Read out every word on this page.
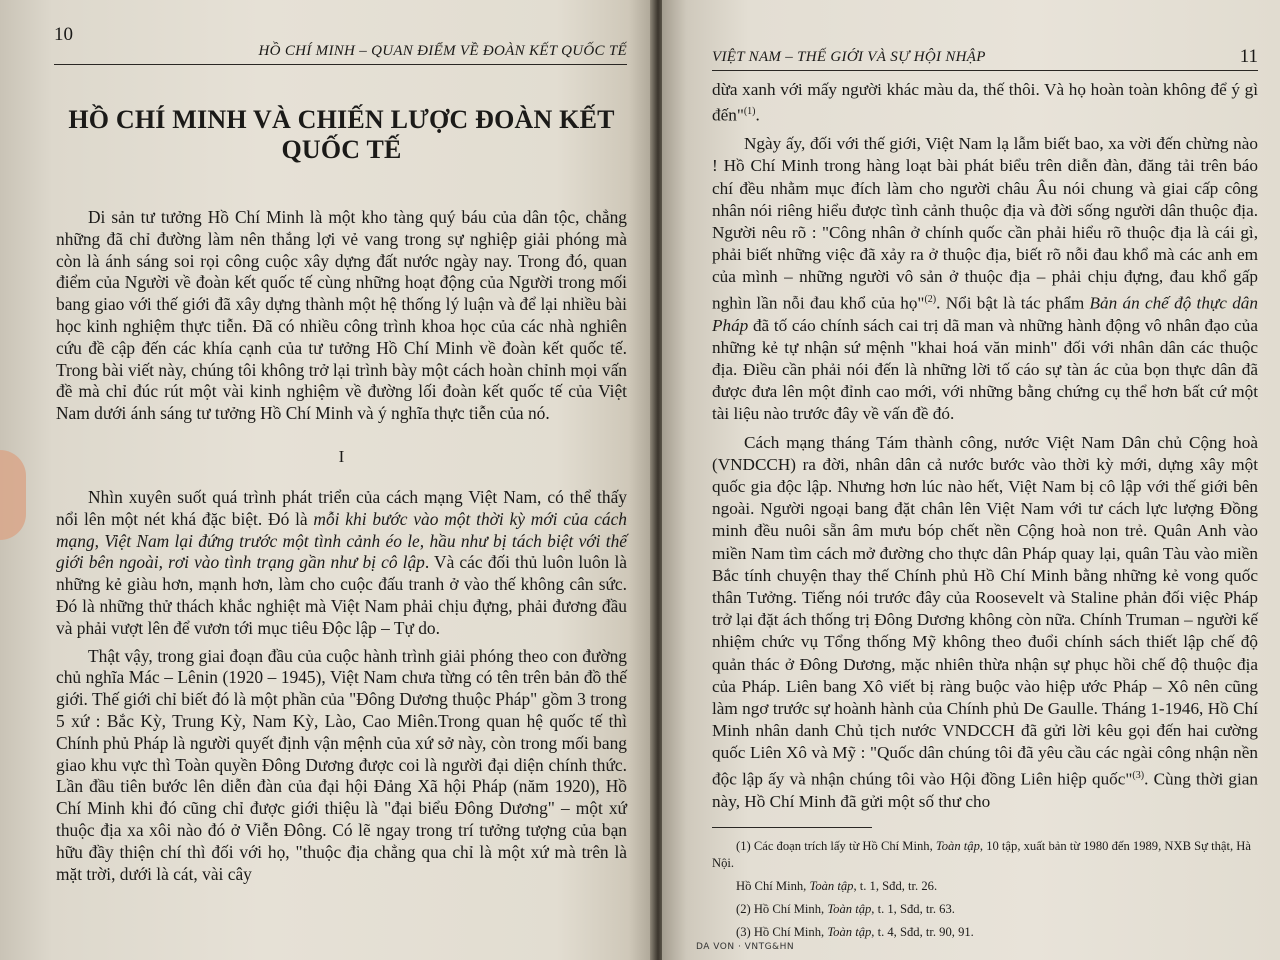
10
HỒ CHÍ MINH – QUAN ĐIỂM VỀ ĐOÀN KẾT QUỐC TẾ
HỒ CHÍ MINH VÀ CHIẾN LƯỢC ĐOÀN KẾT QUỐC TẾ

Di sản tư tưởng Hồ Chí Minh là một kho tàng quý báu của dân tộc, chẳng những đã chỉ đường làm nên thắng lợi vẻ vang trong sự nghiệp giải phóng mà còn là ánh sáng soi rọi công cuộc xây dựng đất nước ngày nay. Trong đó, quan điểm của Người về đoàn kết quốc tế cùng những hoạt động của Người trong mối bang giao với thế giới đã xây dựng thành một hệ thống lý luận và để lại nhiều bài học kinh nghiệm thực tiễn. Đã có nhiều công trình khoa học của các nhà nghiên cứu đề cập đến các khía cạnh của tư tưởng Hồ Chí Minh về đoàn kết quốc tế. Trong bài viết này, chúng tôi không trở lại trình bày một cách hoàn chỉnh mọi vấn đề mà chỉ đúc rút một vài kinh nghiệm về đường lối đoàn kết quốc tế của Việt Nam dưới ánh sáng tư tưởng Hồ Chí Minh và ý nghĩa thực tiễn của nó.

I

Nhìn xuyên suốt quá trình phát triển của cách mạng Việt Nam, có thể thấy nổi lên một nét khá đặc biệt. Đó là mỗi khi bước vào một thời kỳ mới của cách mạng, Việt Nam lại đứng trước một tình cảnh éo le, hầu như bị tách biệt với thế giới bên ngoài, rơi vào tình trạng gần như bị cô lập. Và các đối thủ luôn luôn là những kẻ giàu hơn, mạnh hơn, làm cho cuộc đấu tranh ở vào thế không cân sức. Đó là những thử thách khắc nghiệt mà Việt Nam phải chịu đựng, phải đương đầu và phải vượt lên để vươn tới mục tiêu Độc lập – Tự do.

Thật vậy, trong giai đoạn đầu của cuộc hành trình giải phóng theo con đường chủ nghĩa Mác – Lênin (1920 – 1945), Việt Nam chưa từng có tên trên bản đồ thế giới. Thế giới chỉ biết đó là một phần của "Đông Dương thuộc Pháp" gồm 3 trong 5 xứ : Bắc Kỳ, Trung Kỳ, Nam Kỳ, Lào, Cao Miên.Trong quan hệ quốc tế thì Chính phủ Pháp là người quyết định vận mệnh của xứ sở này, còn trong mối bang giao khu vực thì Toàn quyền Đông Dương được coi là người đại diện chính thức. Lần đầu tiên bước lên diễn đàn của đại hội Đảng Xã hội Pháp (năm 1920), Hồ Chí Minh khi đó cũng chỉ được giới thiệu là "đại biểu Đông Dương" – một xứ thuộc địa xa xôi nào đó ở Viễn Đông. Có lẽ ngay trong trí tưởng tượng của bạn hữu đầy thiện chí thì đối với họ, "thuộc địa chẳng qua chỉ là một xứ mà trên là mặt trời, dưới là cát, vài cây

VIỆT NAM – THẾ GIỚI VÀ SỰ HỘI NHẬP	11

dừa xanh với mấy người khác màu da, thế thôi. Và họ hoàn toàn không để ý gì đến"$^{(1)}$.

Ngày ấy, đối với thế giới, Việt Nam lạ lẫm biết bao, xa vời đến chừng nào ! Hồ Chí Minh trong hàng loạt bài phát biểu trên diễn đàn, đăng tải trên báo chí đều nhằm mục đích làm cho người châu Âu nói chung và giai cấp công nhân nói riêng hiểu được tình cảnh thuộc địa và đời sống người dân thuộc địa. Người nêu rõ : "Công nhân ở chính quốc cần phải hiểu rõ thuộc địa là cái gì, phải biết những việc đã xảy ra ở thuộc địa, biết rõ nỗi đau khổ mà các anh em của mình – những người vô sản ở thuộc địa – phải chịu đựng, đau khổ gấp nghìn lần nỗi đau khổ của họ"$^{(2)}$. Nổi bật là tác phẩm Bản án chế độ thực dân Pháp đã tố cáo chính sách cai trị dã man và những hành động vô nhân đạo của những kẻ tự nhận sứ mệnh "khai hoá văn minh" đối với nhân dân các thuộc địa. Điều cần phải nói đến là những lời tố cáo sự tàn ác của bọn thực dân đã được đưa lên một đỉnh cao mới, với những bằng chứng cụ thể hơn bất cứ một tài liệu nào trước đây về vấn đề đó.

Cách mạng tháng Tám thành công, nước Việt Nam Dân chủ Cộng hoà (VNDCCH) ra đời, nhân dân cả nước bước vào thời kỳ mới, dựng xây một quốc gia độc lập. Nhưng hơn lúc nào hết, Việt Nam bị cô lập với thế giới bên ngoài. Người ngoại bang đặt chân lên Việt Nam với tư cách lực lượng Đồng minh đều nuôi sẵn âm mưu bóp chết nền Cộng hoà non trẻ. Quân Anh vào miền Nam tìm cách mở đường cho thực dân Pháp quay lại, quân Tàu vào miền Bắc tính chuyện thay thế Chính phủ Hồ Chí Minh bằng những kẻ vong quốc thân Tưởng. Tiếng nói trước đây của Roosevelt và Staline phản đối việc Pháp trở lại đặt ách thống trị Đông Dương không còn nữa. Chính Truman – người kế nhiệm chức vụ Tổng thống Mỹ không theo đuổi chính sách thiết lập chế độ quản thác ở Đông Dương, mặc nhiên thừa nhận sự phục hồi chế độ thuộc địa của Pháp. Liên bang Xô viết bị ràng buộc vào hiệp ước Pháp – Xô nên cũng làm ngơ trước sự hoành hành của Chính phủ De Gaulle. Tháng 1-1946, Hồ Chí Minh nhân danh Chủ tịch nước VNDCCH đã gửi lời kêu gọi đến hai cường quốc Liên Xô và Mỹ : "Quốc dân chúng tôi đã yêu cầu các ngài công nhận nền độc lập ấy và nhận chúng tôi vào Hội đồng Liên hiệp quốc"$^{(3)}$. Cùng thời gian này, Hồ Chí Minh đã gửi một số thư cho

(1) Các đoạn trích lấy từ Hồ Chí Minh, Toàn tập, 10 tập, xuất bản từ 1980 đến 1989, NXB Sự thật, Hà Nội.
Hồ Chí Minh, Toàn tập, t. 1, Sđd, tr. 26.
(2) Hồ Chí Minh, Toàn tập, t. 1, Sđd, tr. 63.
(3) Hồ Chí Minh, Toàn tập, t. 4, Sđd, tr. 90, 91.
DA VON · VNTG&HN
